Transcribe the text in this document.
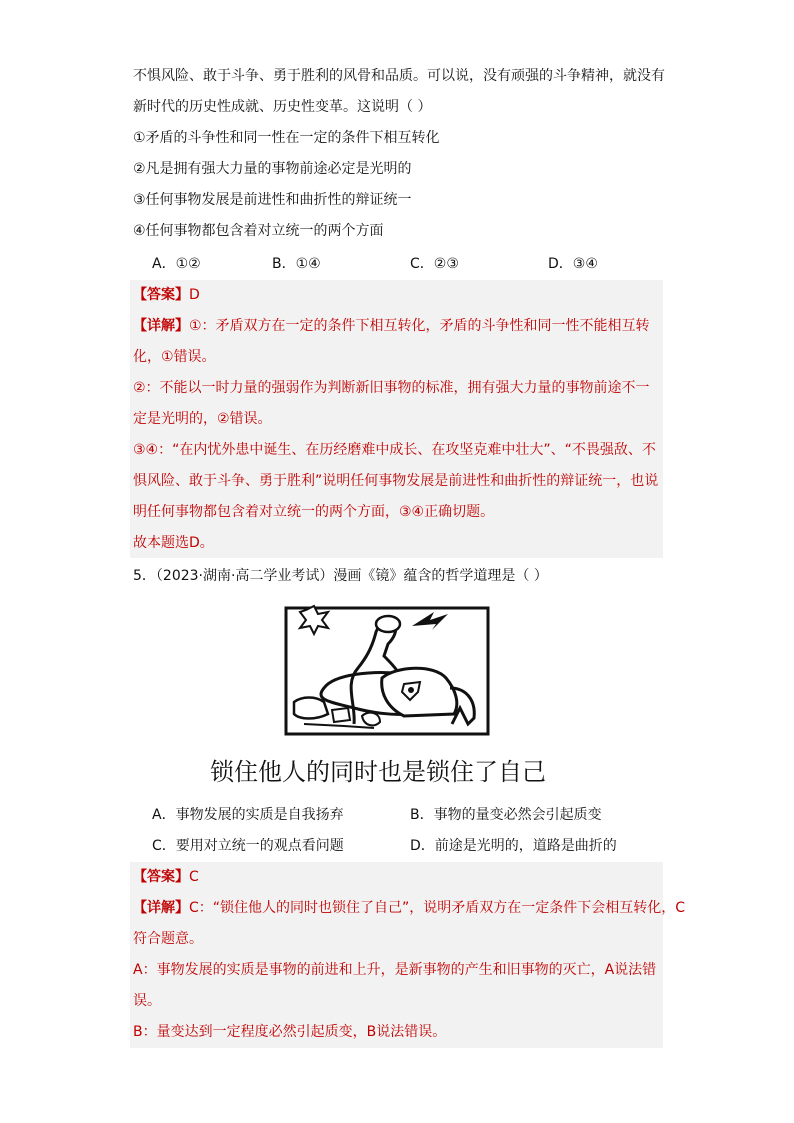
不惧风险、敢于斗争、勇于胜利的风骨和品质。可以说，没有顽强的斗争精神，就没有
新时代的历史性成就、历史性变革。这说明（ ）
①矛盾的斗争性和同一性在一定的条件下相互转化
②凡是拥有强大力量的事物前途必定是光明的
③任何事物发展是前进性和曲折性的辩证统一
④任何事物都包含着对立统一的两个方面
A．①②	B．①④	C．②③	D．③④
【答案】D
【详解】①：矛盾双方在一定的条件下相互转化，矛盾的斗争性和同一性不能相互转
化，①错误。
②：不能以一时力量的强弱作为判断新旧事物的标准，拥有强大力量的事物前途不一
定是光明的，②错误。
③④：“在内忧外患中诞生、在历经磨难中成长、在攻坚克难中壮大”、“不畏强敌、不
惧风险、敢于斗争、勇于胜利”说明任何事物发展是前进性和曲折性的辩证统一，也说
明任何事物都包含着对立统一的两个方面，③④正确切题。
故本题选D。
5．（2023·湖南·高二学业考试）漫画《镜》蕴含的哲学道理是（ ）
锁住他人的同时也是锁住了自己
A．事物发展的实质是自我扬弃	B．事物的量变必然会引起质变
C．要用对立统一的观点看问题	D．前途是光明的，道路是曲折的
【答案】C
【详解】C：“锁住他人的同时也锁住了自己”，说明矛盾双方在一定条件下会相互转化，C
符合题意。
A：事物发展的实质是事物的前进和上升，是新事物的产生和旧事物的灭亡，A说法错
误。
B：量变达到一定程度必然引起质变，B说法错误。
